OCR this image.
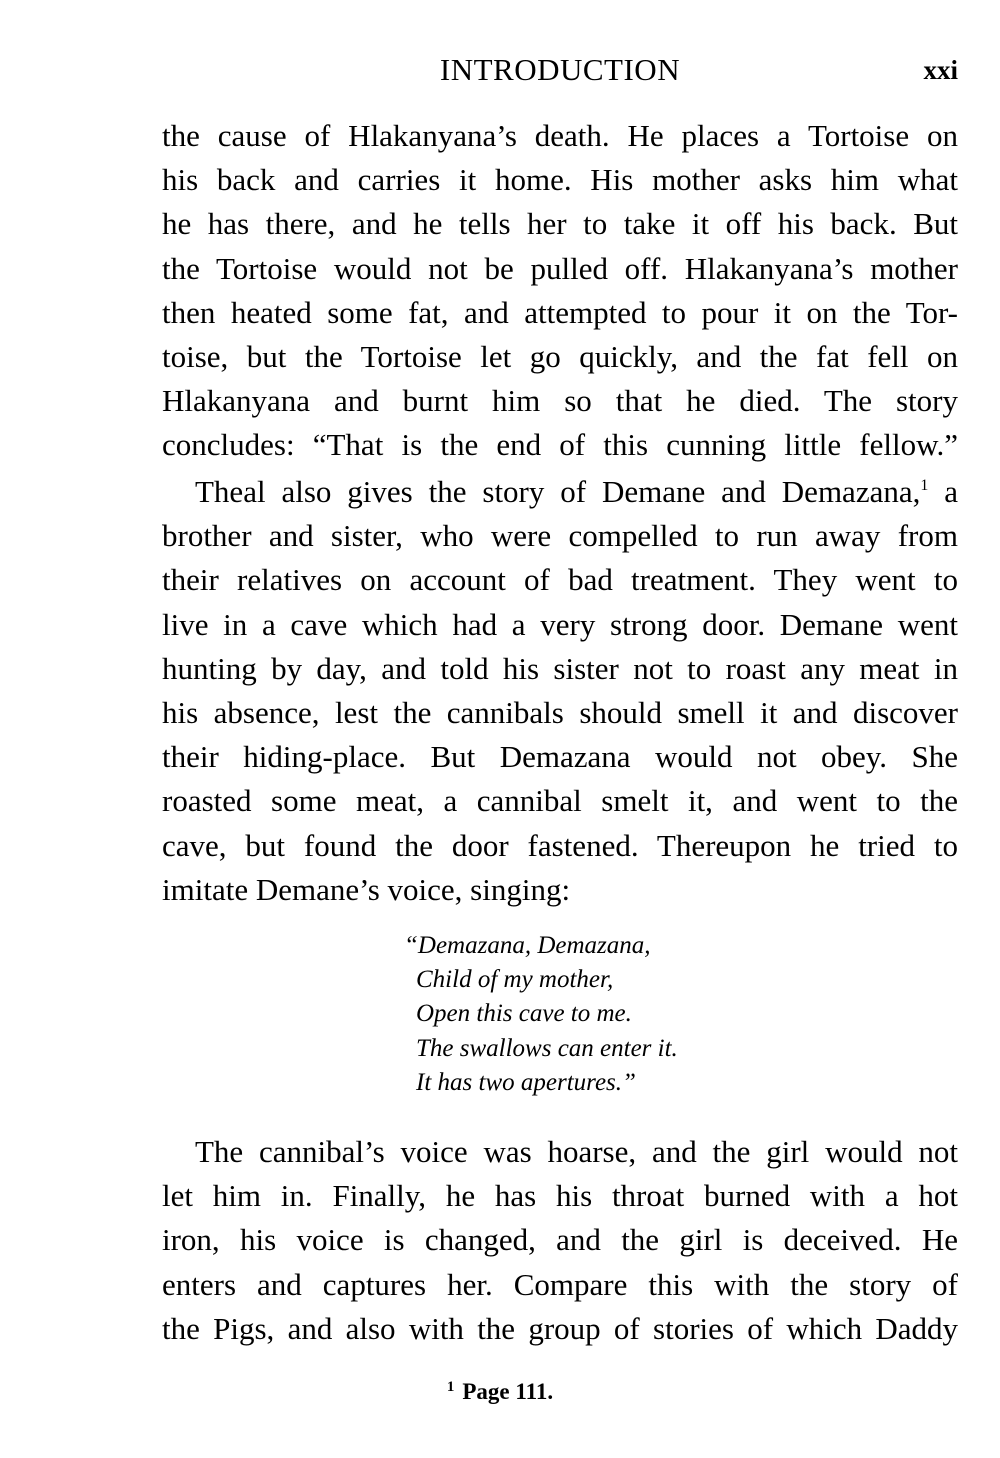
INTRODUCTION	xxi
the cause of Hlakanyana’s death. He places a Tortoise on
his back and carries it home. His mother asks him what
he has there, and he tells her to take it off his back. But
the Tortoise would not be pulled off. Hlakanyana’s mother
then heated some fat, and attempted to pour it on the Tor-
toise, but the Tortoise let go quickly, and the fat fell on
Hlakanyana and burnt him so that he died. The story
concludes: “That is the end of this cunning little fellow.”
Theal also gives the story of Demane and Demazana,$^1$ a
brother and sister, who were compelled to run away from
their relatives on account of bad treatment. They went to
live in a cave which had a very strong door. Demane went
hunting by day, and told his sister not to roast any meat in
his absence, lest the cannibals should smell it and discover
their hiding-place. But Demazana would not obey. She
roasted some meat, a cannibal smelt it, and went to the
cave, but found the door fastened. Thereupon he tried to
imitate Demane’s voice, singing:
“Demazana, Demazana,
Child of my mother,
Open this cave to me.
The swallows can enter it.
It has two apertures.”
The cannibal’s voice was hoarse, and the girl would not
let him in. Finally, he has his throat burned with a hot
iron, his voice is changed, and the girl is deceived. He
enters and captures her. Compare this with the story of
the Pigs, and also with the group of stories of which Daddy
$^1$ Page 111.
